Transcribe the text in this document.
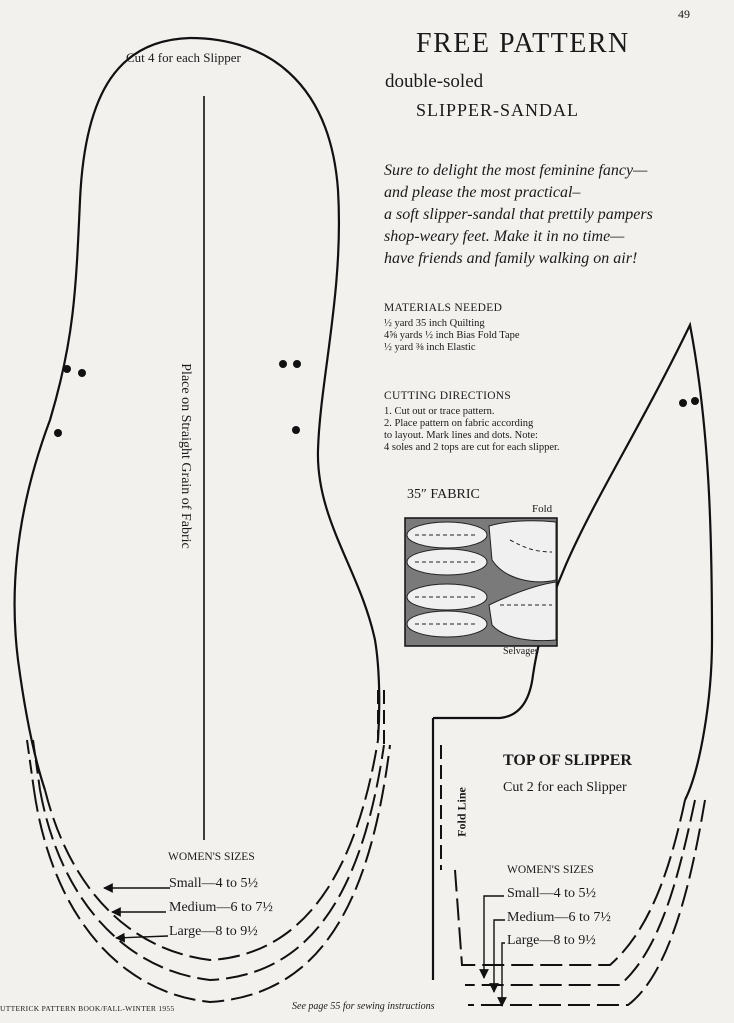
49
FREE PATTERN
double-soled
SLIPPER-SANDAL
Sure to delight the most feminine fancy—
and please the most practical–
a soft slipper-sandal that prettily pampers
shop-weary feet. Make it in no time—
have friends and family walking on air!
MATERIALS NEEDED
½ yard 35 inch Quilting
4⅝ yards ½ inch Bias Fold Tape
½ yard ⅜ inch Elastic
CUTTING DIRECTIONS
1. Cut out or trace pattern.
2. Place pattern on fabric according
to layout. Mark lines and dots. Note:
4 soles and 2 tops are cut for each slipper.
35″ FABRIC
Fold
Selvages
Cut 4 for each Slipper
Place on Straight Grain of Fabric
TOP OF SLIPPER
Cut 2 for each Slipper
Fold Line
WOMEN'S SIZES
Small—4 to 5½
Medium—6 to 7½
Large—8 to 9½
WOMEN'S SIZES
Small—4 to 5½
Medium—6 to 7½
Large—8 to 9½
UTTERICK PATTERN BOOK/FALL-WINTER 1955	See page 55 for sewing instructions
